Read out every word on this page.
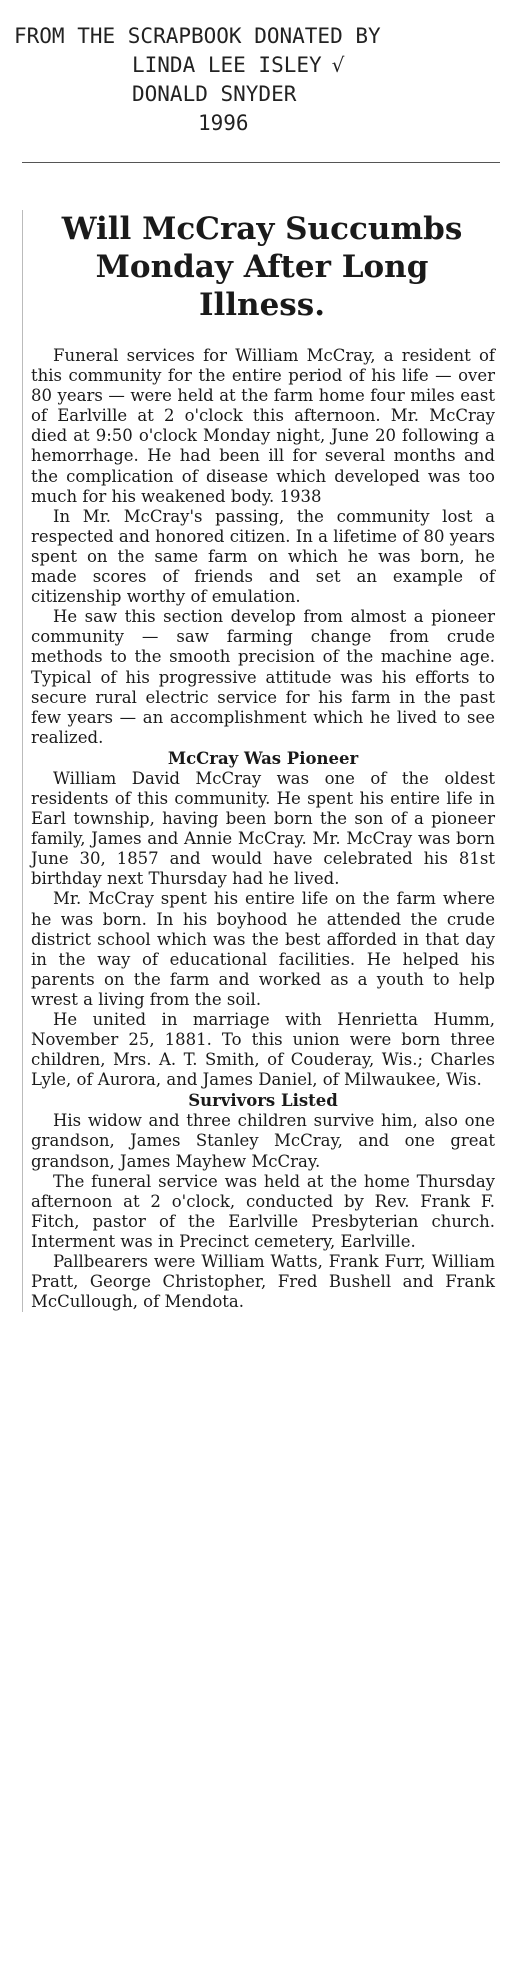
FROM THE SCRAPBOOK DONATED BY
LINDA LEE ISLEY √
DONALD SNYDER
1996
Will McCray Succumbs Monday After Long Illness.

Funeral services for William McCray, a resident of this community for the entire period of his life — over 80 years — were held at the farm home four miles east of Earlville at 2 o'clock this afternoon. Mr. McCray died at 9:50 o'clock Monday night, June 20 following a hemorrhage. He had been ill for several months and the complication of disease which developed was too much for his weakened body. 1938

In Mr. McCray's passing, the community lost a respected and honored citizen. In a lifetime of 80 years spent on the same farm on which he was born, he made scores of friends and set an example of citizenship worthy of emulation.

He saw this section develop from almost a pioneer community — saw farming change from crude methods to the smooth precision of the machine age. Typical of his progressive attitude was his efforts to secure rural electric service for his farm in the past few years — an accomplishment which he lived to see realized.

McCray Was Pioneer

William David McCray was one of the oldest residents of this community. He spent his entire life in Earl township, having been born the son of a pioneer family, James and Annie McCray. Mr. McCray was born June 30, 1857 and would have celebrated his 81st birthday next Thursday had he lived.

Mr. McCray spent his entire life on the farm where he was born. In his boyhood he attended the crude district school which was the best afforded in that day in the way of educational facilities. He helped his parents on the farm and worked as a youth to help wrest a living from the soil.

He united in marriage with Henrietta Humm, November 25, 1881. To this union were born three children, Mrs. A. T. Smith, of Couderay, Wis.; Charles Lyle, of Aurora, and James Daniel, of Milwaukee, Wis.

Survivors Listed

His widow and three children survive him, also one grandson, James Stanley McCray, and one great grandson, James Mayhew McCray.

The funeral service was held at the home Thursday afternoon at 2 o'clock, conducted by Rev. Frank F. Fitch, pastor of the Earlville Presbyterian church. Interment was in Precinct cemetery, Earlville.

Pallbearers were William Watts, Frank Furr, William Pratt, George Christopher, Fred Bushell and Frank McCullough, of Mendota.
